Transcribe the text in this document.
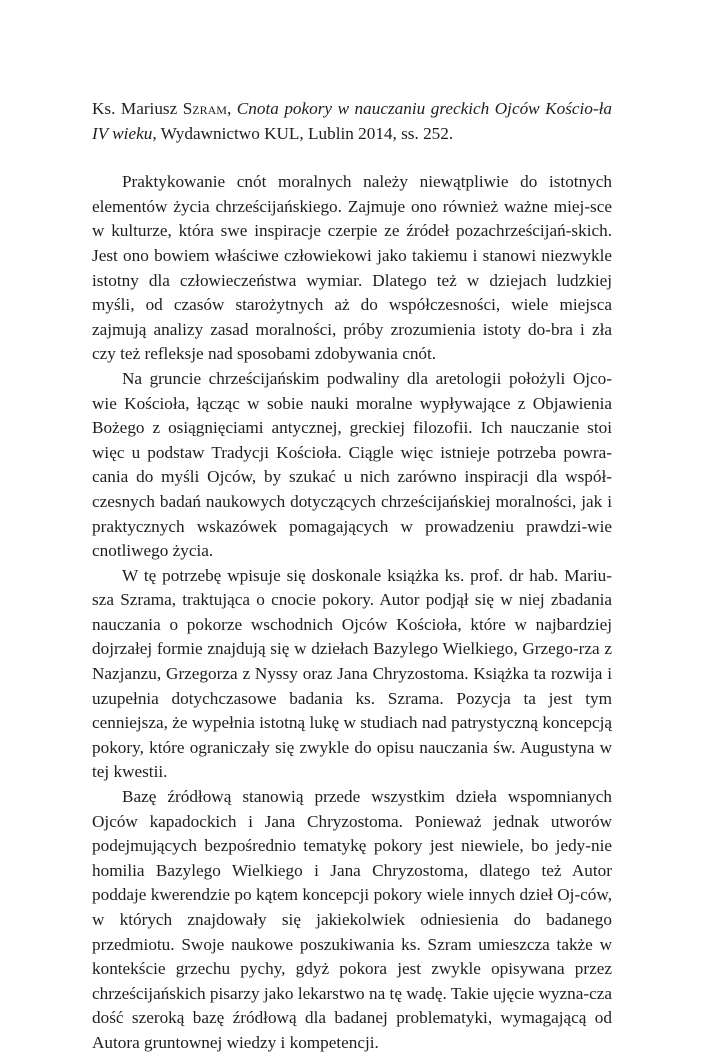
Ks. Mariusz Szram, Cnota pokory w nauczaniu greckich Ojców Kościo-ła IV wieku, Wydawnictwo KUL, Lublin 2014, ss. 252.

Praktykowanie cnót moralnych należy niewątpliwie do istotnych elementów życia chrześcijańskiego. Zajmuje ono również ważne miej-sce w kulturze, która swe inspiracje czerpie ze źródeł pozachrześcijań-skich. Jest ono bowiem właściwe człowiekowi jako takiemu i stanowi niezwykle istotny dla człowieczeństwa wymiar. Dlatego też w dziejach ludzkiej myśli, od czasów starożytnych aż do współczesności, wiele miejsca zajmują analizy zasad moralności, próby zrozumienia istoty do-bra i zła czy też refleksje nad sposobami zdobywania cnót.

Na gruncie chrześcijańskim podwaliny dla aretologii położyli Ojco-wie Kościoła, łącząc w sobie nauki moralne wypływające z Objawienia Bożego z osiągnięciami antycznej, greckiej filozofii. Ich nauczanie stoi więc u podstaw Tradycji Kościoła. Ciągle więc istnieje potrzeba powra-cania do myśli Ojców, by szukać u nich zarówno inspiracji dla współ-czesnych badań naukowych dotyczących chrześcijańskiej moralności, jak i praktycznych wskazówek pomagających w prowadzeniu prawdzi-wie cnotliwego życia.

W tę potrzebę wpisuje się doskonale książka ks. prof. dr hab. Mariu-sza Szrama, traktująca o cnocie pokory. Autor podjął się w niej zbadania nauczania o pokorze wschodnich Ojców Kościoła, które w najbardziej dojrzałej formie znajdują się w dziełach Bazylego Wielkiego, Grzego-rza z Nazjanzu, Grzegorza z Nyssy oraz Jana Chryzostoma. Książka ta rozwija i uzupełnia dotychczasowe badania ks. Szrama. Pozycja ta jest tym cenniejsza, że wypełnia istotną lukę w studiach nad patrystyczną koncepcją pokory, które ograniczały się zwykle do opisu nauczania św. Augustyna w tej kwestii.

Bazę źródłową stanowią przede wszystkim dzieła wspomnianych Ojców kapadockich i Jana Chryzostoma. Ponieważ jednak utworów podejmujących bezpośrednio tematykę pokory jest niewiele, bo jedy-nie homilia Bazylego Wielkiego i Jana Chryzostoma, dlatego też Autor poddaje kwerendzie po kątem koncepcji pokory wiele innych dzieł Oj-ców, w których znajdowały się jakiekolwiek odniesienia do badanego przedmiotu. Swoje naukowe poszukiwania ks. Szram umieszcza także w kontekście grzechu pychy, gdyż pokora jest zwykle opisywana przez chrześcijańskich pisarzy jako lekarstwo na tę wadę. Takie ujęcie wyzna-cza dość szeroką bazę źródłową dla badanej problematyki, wymagającą od Autora gruntownej wiedzy i kompetencji.
